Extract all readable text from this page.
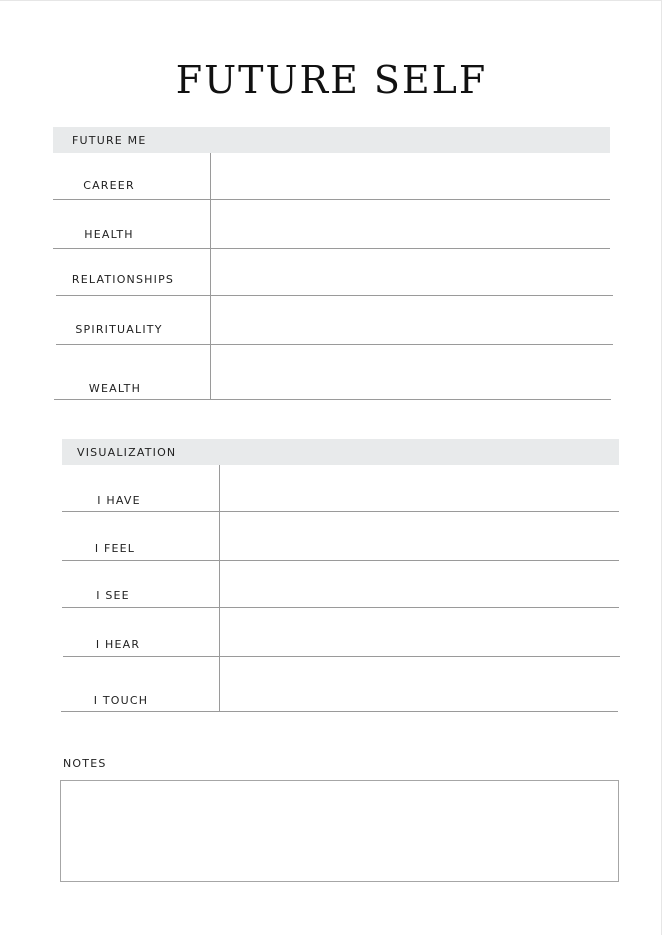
FUTURE SELF
FUTURE ME
CAREER
HEALTH
RELATIONSHIPS
SPIRITUALITY
WEALTH
VISUALIZATION
I HAVE
I FEEL
I SEE
I HEAR
I TOUCH
NOTES
